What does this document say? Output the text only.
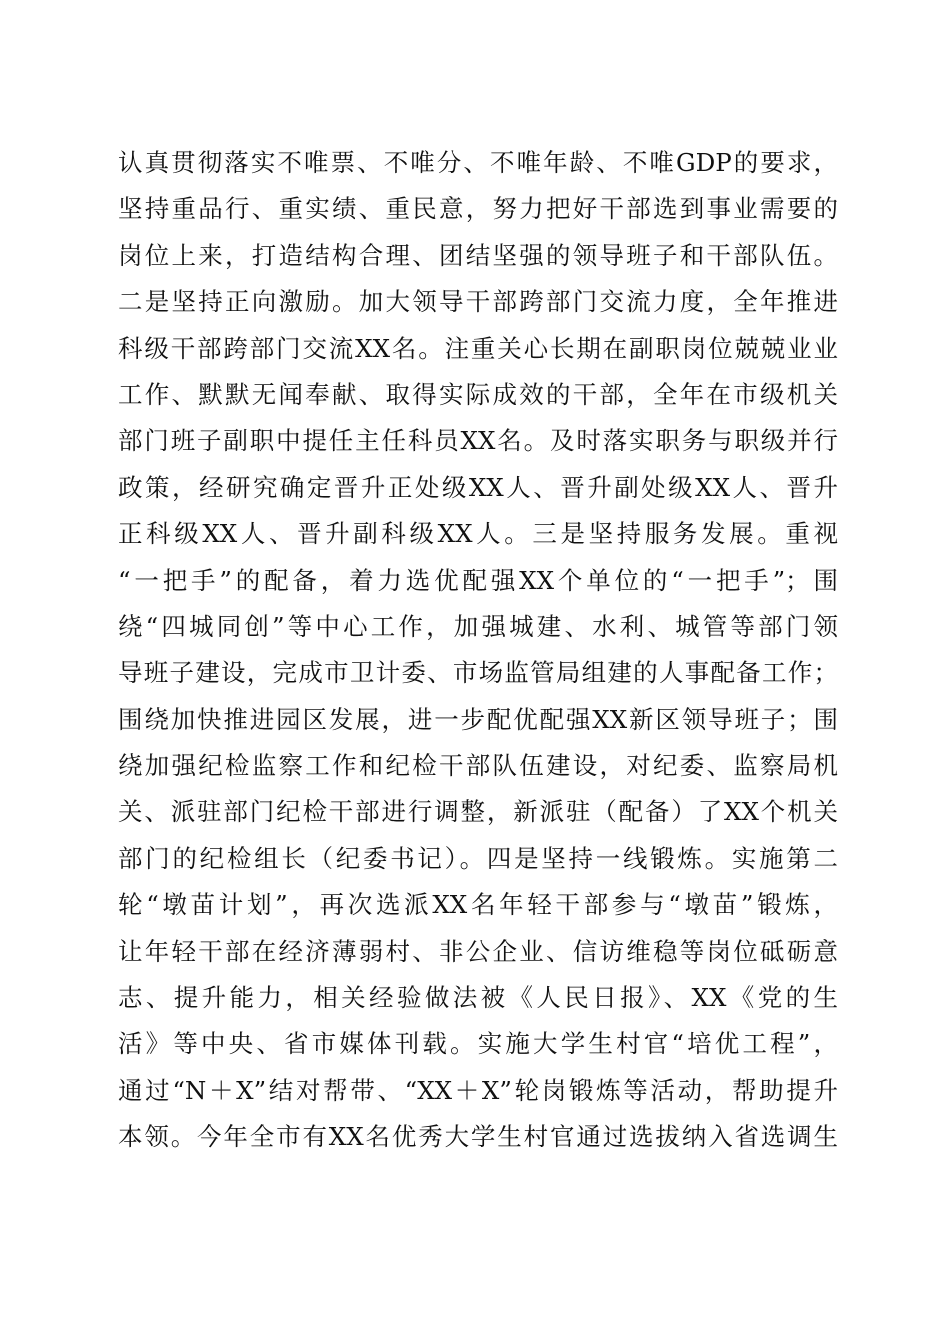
认真贯彻落实不唯票、不唯分、不唯年龄、不唯GDP的要求，
坚持重品行、重实绩、重民意，努力把好干部选到事业需要的
岗位上来，打造结构合理、团结坚强的领导班子和干部队伍。
二是坚持正向激励。加大领导干部跨部门交流力度，全年推进
科级干部跨部门交流XX名。注重关心长期在副职岗位兢兢业业
工作、默默无闻奉献、取得实际成效的干部，全年在市级机关
部门班子副职中提任主任科员XX名。及时落实职务与职级并行
政策，经研究确定晋升正处级XX人、晋升副处级XX人、晋升
正科级XX人、晋升副科级XX人。三是坚持服务发展。重视
“一把手”的配备，着力选优配强XX个单位的“一把手”；围
绕“四城同创”等中心工作，加强城建、水利、城管等部门领
导班子建设，完成市卫计委、市场监管局组建的人事配备工作；
围绕加快推进园区发展，进一步配优配强XX新区领导班子；围
绕加强纪检监察工作和纪检干部队伍建设，对纪委、监察局机
关、派驻部门纪检干部进行调整，新派驻（配备）了XX个机关
部门的纪检组长（纪委书记）。四是坚持一线锻炼。实施第二
轮“墩苗计划”，再次选派XX名年轻干部参与“墩苗”锻炼，
让年轻干部在经济薄弱村、非公企业、信访维稳等岗位砥砺意
志、提升能力，相关经验做法被《人民日报》、XX《党的生
活》等中央、省市媒体刊载。实施大学生村官“培优工程”，
通过“N＋X”结对帮带、“XX＋X”轮岗锻炼等活动，帮助提升
本领。今年全市有XX名优秀大学生村官通过选拔纳入省选调生
